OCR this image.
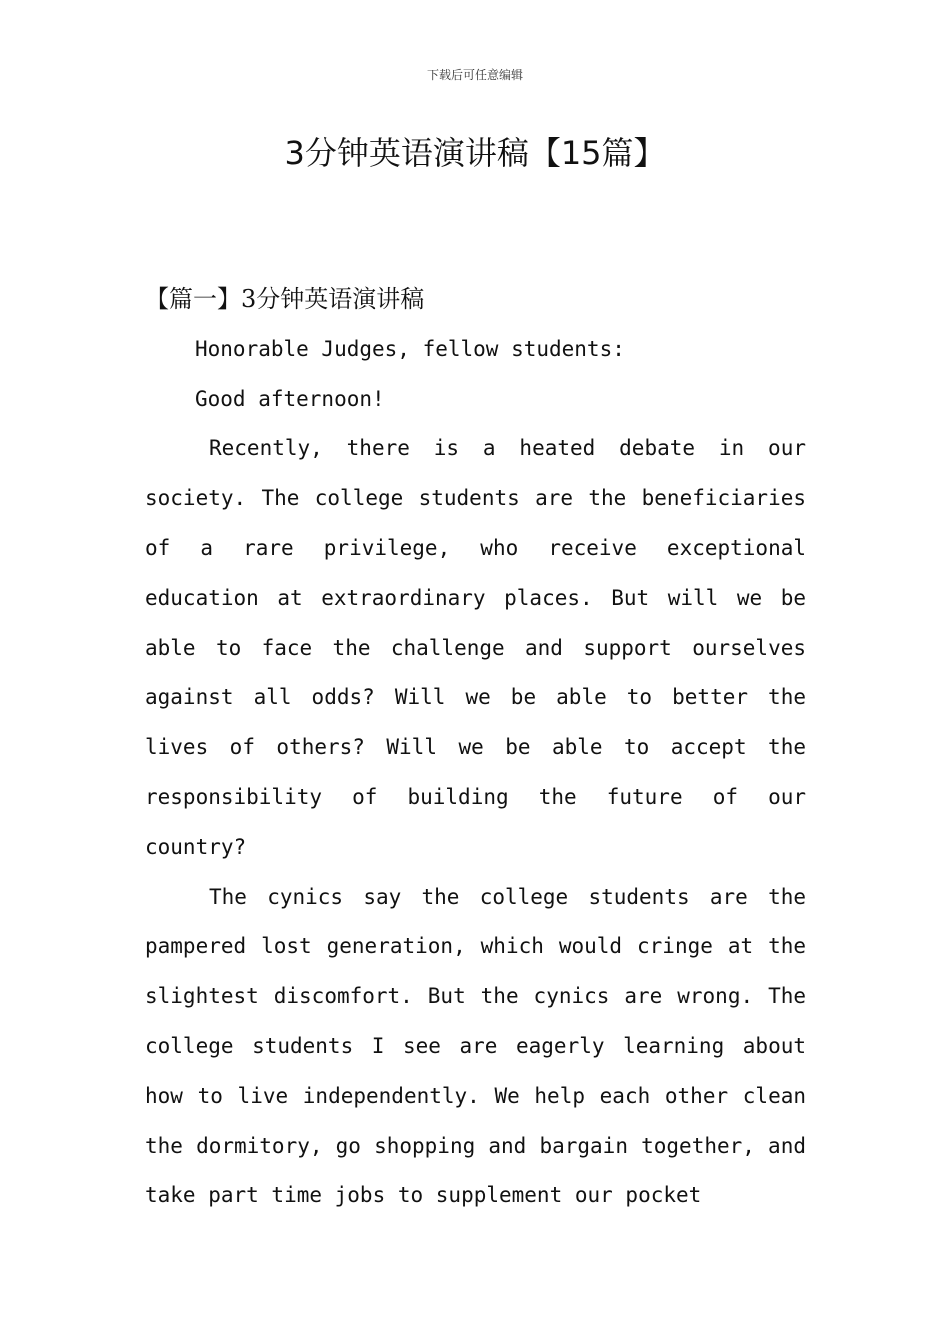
下载后可任意编辑
3分钟英语演讲稿【15篇】
【篇一】3分钟英语演讲稿

Honorable Judges, fellow students:

Good afternoon!

Recently, there is a heated debate in our society. The college students are the beneficiaries of a rare privilege, who receive exceptional education at extraordinary places. But will we be able to face the challenge and support ourselves against all odds? Will we be able to better the lives of others? Will we be able to accept the responsibility of building the future of our country?

The cynics say the college students are the pampered lost generation, which would cringe at the slightest discomfort. But the cynics are wrong. The college students I see are eagerly learning about how to live independently. We help each other clean the dormitory, go shopping and bargain together, and take part time jobs to supplement our pocket
